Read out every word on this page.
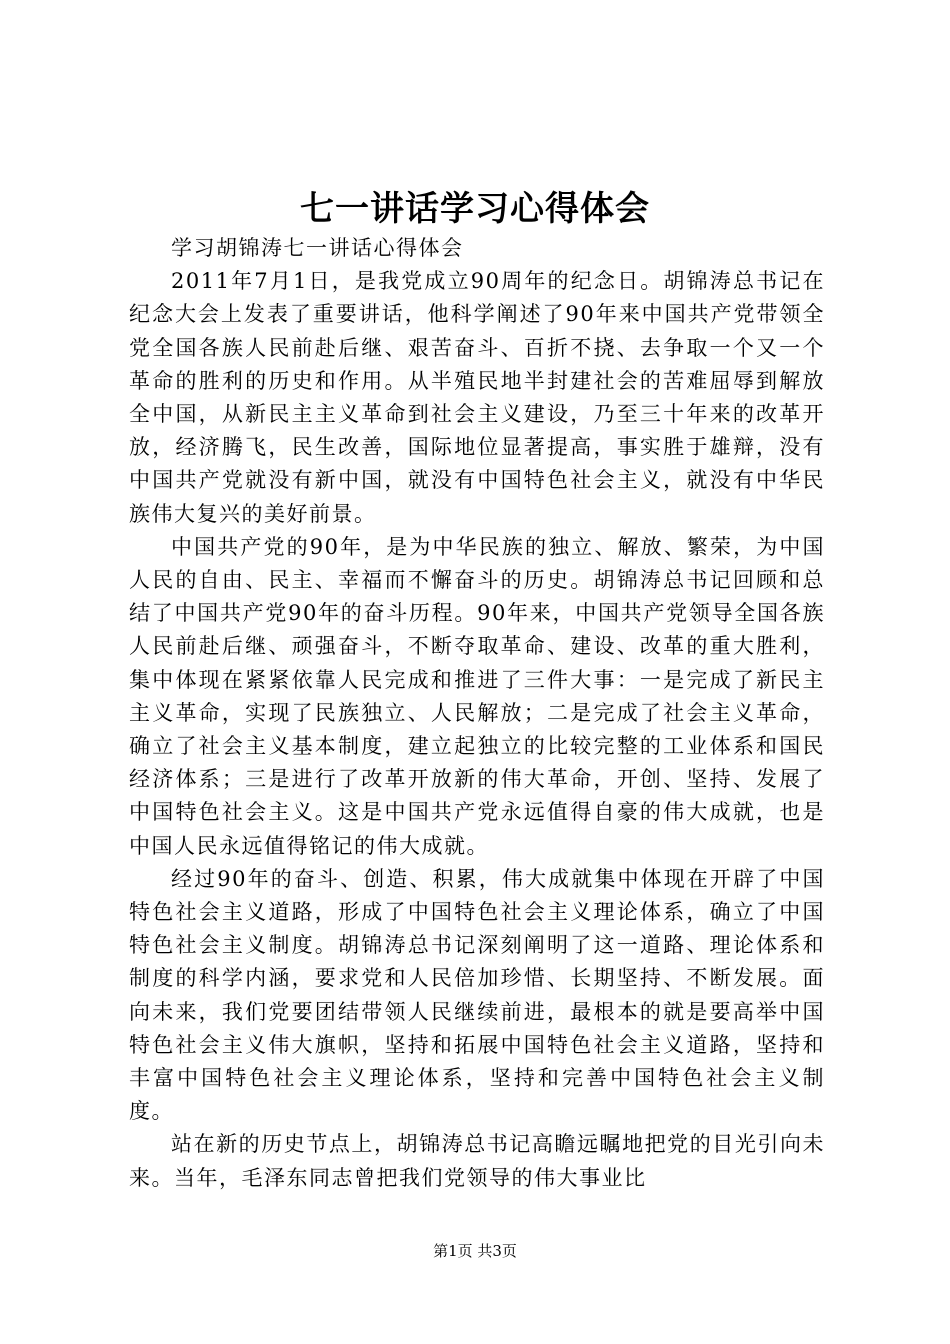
七一讲话学习心得体会

学习胡锦涛七一讲话心得体会

2011年7月1日，是我党成立90周年的纪念日。胡锦涛总书记在纪念大会上发表了重要讲话，他科学阐述了90年来中国共产党带领全党全国各族人民前赴后继、艰苦奋斗、百折不挠、去争取一个又一个革命的胜利的历史和作用。从半殖民地半封建社会的苦难屈辱到解放全中国，从新民主主义革命到社会主义建设，乃至三十年来的改革开放，经济腾飞，民生改善，国际地位显著提高，事实胜于雄辩，没有中国共产党就没有新中国，就没有中国特色社会主义，就没有中华民族伟大复兴的美好前景。

中国共产党的90年，是为中华民族的独立、解放、繁荣，为中国人民的自由、民主、幸福而不懈奋斗的历史。胡锦涛总书记回顾和总结了中国共产党90年的奋斗历程。90年来，中国共产党领导全国各族人民前赴后继、顽强奋斗，不断夺取革命、建设、改革的重大胜利，集中体现在紧紧依靠人民完成和推进了三件大事：一是完成了新民主主义革命，实现了民族独立、人民解放；二是完成了社会主义革命，确立了社会主义基本制度，建立起独立的比较完整的工业体系和国民经济体系；三是进行了改革开放新的伟大革命，开创、坚持、发展了中国特色社会主义。这是中国共产党永远值得自豪的伟大成就，也是中国人民永远值得铭记的伟大成就。

经过90年的奋斗、创造、积累，伟大成就集中体现在开辟了中国特色社会主义道路，形成了中国特色社会主义理论体系，确立了中国特色社会主义制度。胡锦涛总书记深刻阐明了这一道路、理论体系和制度的科学内涵，要求党和人民倍加珍惜、长期坚持、不断发展。面向未来，我们党要团结带领人民继续前进，最根本的就是要高举中国特色社会主义伟大旗帜，坚持和拓展中国特色社会主义道路，坚持和丰富中国特色社会主义理论体系，坚持和完善中国特色社会主义制度。

站在新的历史节点上，胡锦涛总书记高瞻远瞩地把党的目光引向未来。当年，毛泽东同志曾把我们党领导的伟大事业比

第1页 共3页
